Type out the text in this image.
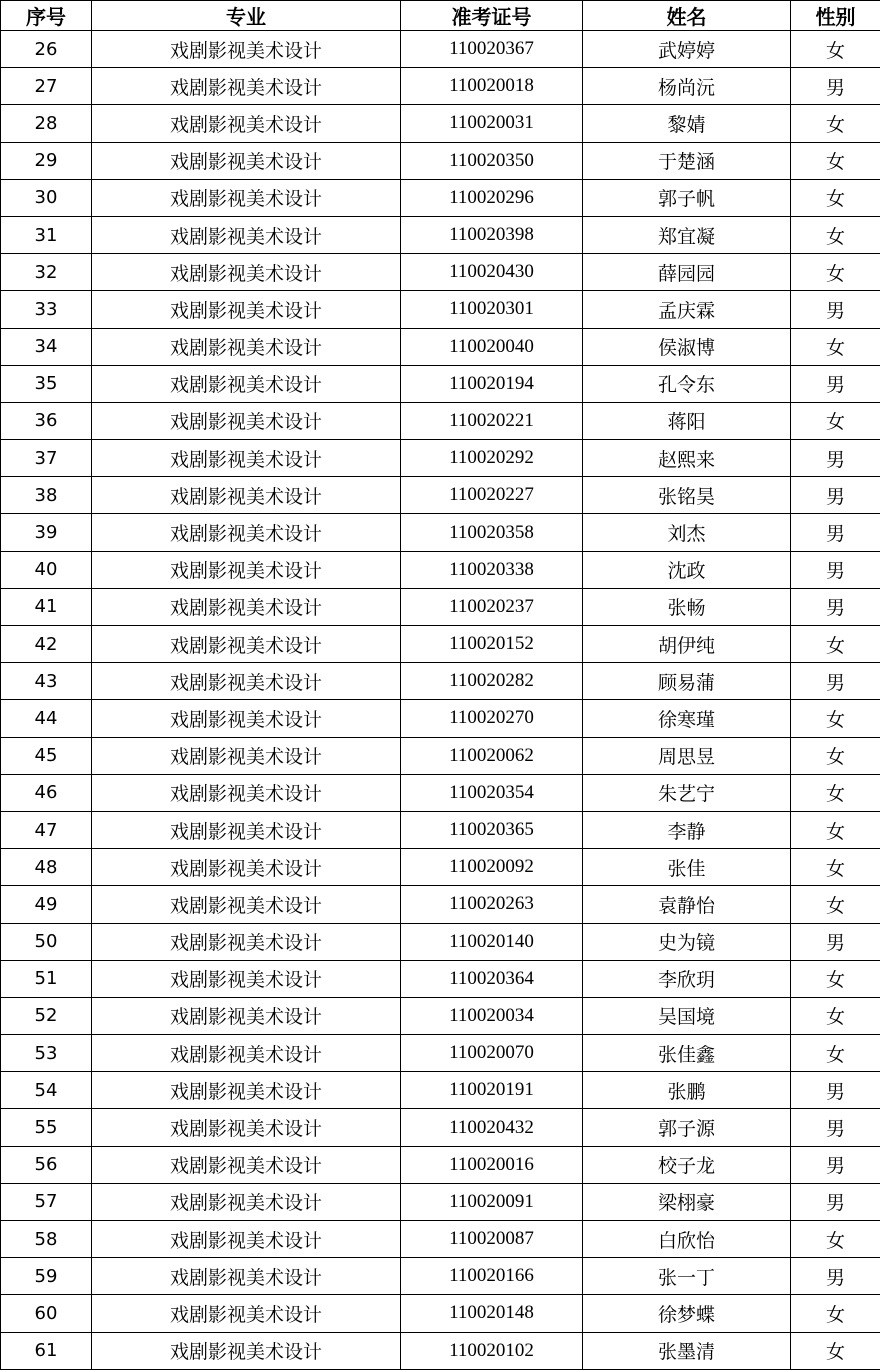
序号	专业	准考证号	姓名	性别
26	戏剧影视美术设计	110020367	武婷婷	女
27	戏剧影视美术设计	110020018	杨尚沅	男
28	戏剧影视美术设计	110020031	黎婧	女
29	戏剧影视美术设计	110020350	于楚涵	女
30	戏剧影视美术设计	110020296	郭子帆	女
31	戏剧影视美术设计	110020398	郑宜凝	女
32	戏剧影视美术设计	110020430	薛园园	女
33	戏剧影视美术设计	110020301	孟庆霖	男
34	戏剧影视美术设计	110020040	侯淑博	女
35	戏剧影视美术设计	110020194	孔令东	男
36	戏剧影视美术设计	110020221	蒋阳	女
37	戏剧影视美术设计	110020292	赵熙来	男
38	戏剧影视美术设计	110020227	张铭昊	男
39	戏剧影视美术设计	110020358	刘杰	男
40	戏剧影视美术设计	110020338	沈政	男
41	戏剧影视美术设计	110020237	张畅	男
42	戏剧影视美术设计	110020152	胡伊纯	女
43	戏剧影视美术设计	110020282	顾易蒲	男
44	戏剧影视美术设计	110020270	徐寒瑾	女
45	戏剧影视美术设计	110020062	周思昱	女
46	戏剧影视美术设计	110020354	朱艺宁	女
47	戏剧影视美术设计	110020365	李静	女
48	戏剧影视美术设计	110020092	张佳	女
49	戏剧影视美术设计	110020263	袁静怡	女
50	戏剧影视美术设计	110020140	史为镜	男
51	戏剧影视美术设计	110020364	李欣玥	女
52	戏剧影视美术设计	110020034	吴国境	女
53	戏剧影视美术设计	110020070	张佳鑫	女
54	戏剧影视美术设计	110020191	张鹏	男
55	戏剧影视美术设计	110020432	郭子源	男
56	戏剧影视美术设计	110020016	校子龙	男
57	戏剧影视美术设计	110020091	梁栩豪	男
58	戏剧影视美术设计	110020087	白欣怡	女
59	戏剧影视美术设计	110020166	张一丁	男
60	戏剧影视美术设计	110020148	徐梦蝶	女
61	戏剧影视美术设计	110020102	张墨清	女
